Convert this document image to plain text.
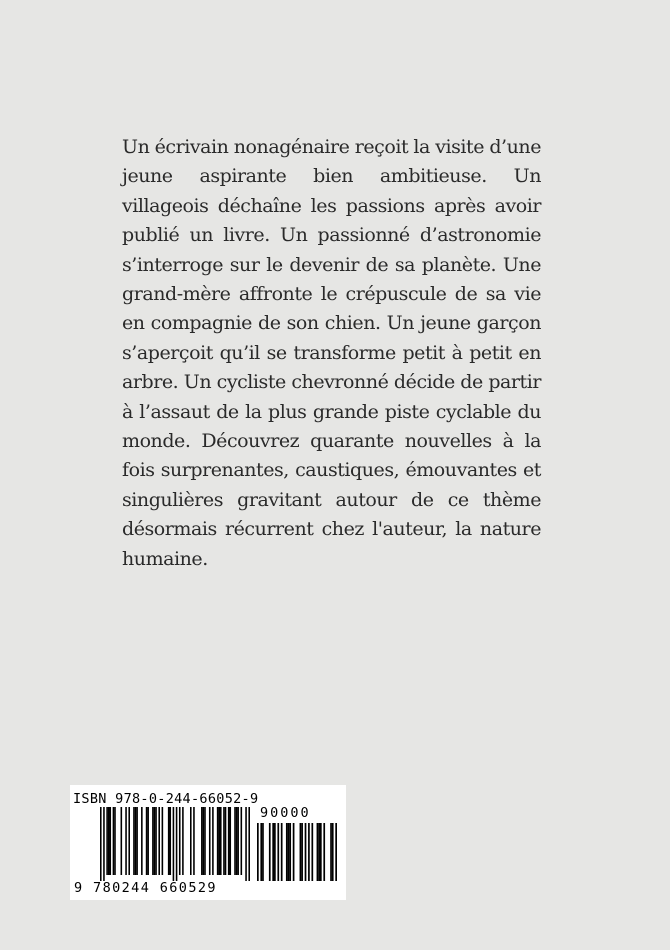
Un écrivain nonagénaire reçoit la visite d’une jeune aspirante bien ambitieuse. Un villageois déchaîne les passions après avoir publié un livre. Un passionné d’astronomie s’interroge sur le devenir de sa planète. Une grand-mère affronte le crépuscule de sa vie en compagnie de son chien. Un jeune garçon s’aperçoit qu’il se transforme petit à petit en arbre. Un cycliste chevronné décide de partir à l’assaut de la plus grande piste cyclable du monde. Découvrez quarante nouvelles à la fois surprenantes, caustiques, émouvantes et singulières gravitant autour de ce thème désormais récurrent chez l'auteur, la nature humaine.

ISBN 978-0-244-66052-9

90000

9 780244 660529
